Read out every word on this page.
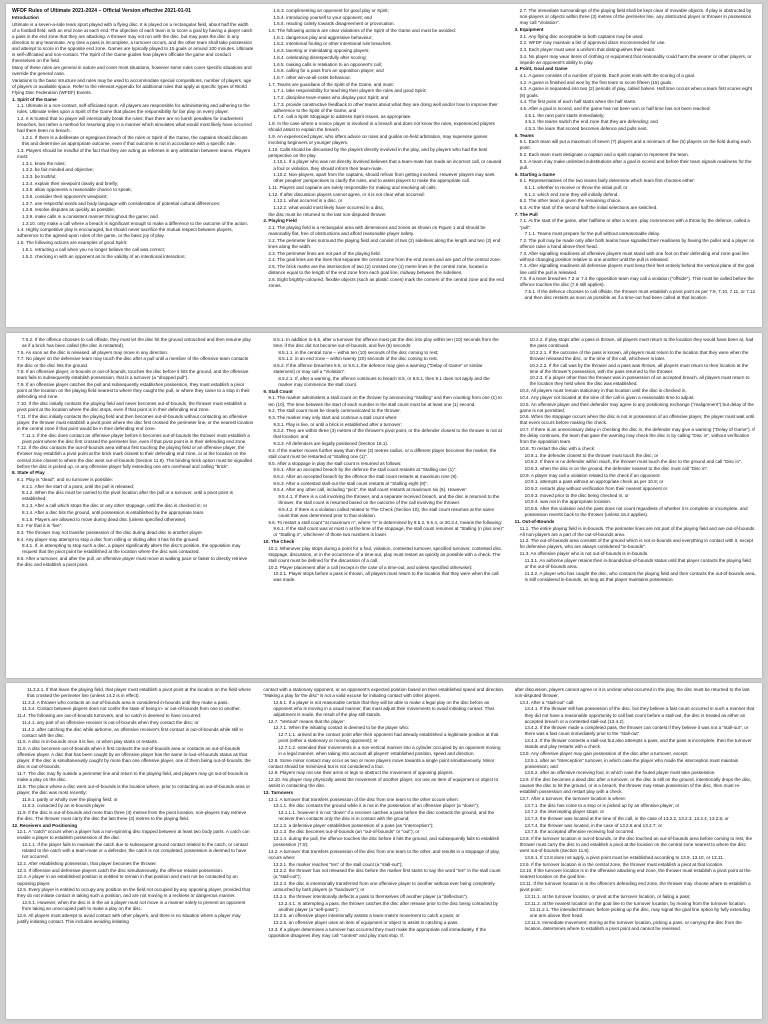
WFDF Rules of Ultimate 2021-2024 – Official Version effective 2021-01-01

Introduction

Ultimate is a seven-a-side team sport played with a flying disc. It is played on a rectangular field, about half the width of a football field, with an end zone at each end. The objective of each team is to score a goal by having a player catch a pass in the end zone that they are attacking. A thrower may not run with the disc, but may pass the disc in any direction to any teammate. Any time a pass is incomplete, a turnover occurs, and the other team shall take possession and attempt to score in the opposite end zone. Games are typically played to 15 goals or around 100 minutes. Ultimate is self-officiated and non-contact. The Spirit of the Game guides how players officiate the game and conduct themselves on the field.

Many of these rules are general in nature and cover most situations, however some rules cover specific situations and override the general case.

Variations to the basic structure and rules may be used to accommodate special competitions, number of players, age of players or available space. Refer to the relevant Appendix for additional rules that apply at specific types of World Flying Disc Federation (WFDF) Events.

1. Spirit of the Game

1.1. Ultimate is a non-contact, self-officiated sport. All players are responsible for administering and adhering to the rules. Ultimate relies upon a Spirit of the Game that places the responsibility for fair play on every player.

1.2. It is trusted that no player will intentionally break the rules; thus there are no harsh penalties for inadvertent breaches, but rather a method for resuming play in a manner which simulates what would most likely have occurred had there been no breach.

1.2.1. If there is a deliberate or egregious breach of the rules or Spirit of the Game, the captains should discuss this and determine an appropriate outcome, even if that outcome is not in accordance with a specific rule.

1.3. Players should be mindful of the fact that they are acting as referees in any arbitration between teams. Players must:

1.3.1. know the rules;

1.3.2. be fair-minded and objective;

1.3.3. be truthful;

1.3.4. explain their viewpoint clearly and briefly;

1.3.5. allow opponents a reasonable chance to speak;

1.3.6. consider their opponent's viewpoint;

1.3.7. use respectful words and body language with consideration of potential cultural differences;

1.3.8. resolve disputes as quickly as possible;

1.3.9. make calls in a consistent manner throughout the game; and

1.3.10. only make a call where a breach is significant enough to make a difference to the outcome of the action.

1.4. Highly competitive play is encouraged, but should never sacrifice the mutual respect between players, adherence to the agreed-upon rules of the game, or the basic joy of play.

1.5. The following actions are examples of good Spirit:

1.5.1. retracting a call when you no longer believe the call was correct;

1.5.2. checking in with an opponent as to the validity of an intentional interaction;

1.5.3. complimenting an opponent for good play or Spirit;

1.5.4. introducing yourself to your opponent; and

1.5.5. reacting calmly towards disagreement or provocation.

1.6. The following actions are clear violations of the Spirit of the Game and must be avoided:

1.6.1. dangerous play and aggressive behaviour;

1.6.2. intentional fouling or other intentional rule breaches;

1.6.3. taunting or intimidating opposing players;

1.6.4. celebrating disrespectfully after scoring;

1.6.5. making calls in retaliation to an opponent's call;

1.6.6. calling for a pass from an opposition player; and

1.6.7. other win-at-all-costs behaviour.

1.7. Teams are guardians of the Spirit of the Game, and must:

1.7.1. take responsibility for teaching their players the rules and good Spirit;

1.7.2. discipline team-mates who display poor Spirit; and

1.7.3. provide constructive feedback to other teams about what they are doing well and/or how to improve their adherence to the Spirit of the Game; and

1.7.4. call a Spirit Stoppage to address Spirit issues, as appropriate.

1.8. In the case where a novice player is involved in a breach and does not know the rules, experienced players should assist to explain the breach.

1.9. An experienced player, who offers advice on rules and guides on-field arbitration, may supervise games involving beginners or younger players.

1.10. Calls should be discussed by the players directly involved in the play, and by players who had the best perspective on the play.

1.10.1. If a player who was not directly involved believes that a team-mate has made an incorrect call, or caused a foul or violation, they should inform their team-mate.

1.10.2. Non-players, apart from the captains, should refrain from getting involved. However players may seek other peoples' perspectives to clarify the rules, and to assist players to make the appropriate call.

1.11. Players and captains are solely responsible for making and resolving all calls.

1.12. If after discussion players cannot agree, or it is not clear what occurred:

1.12.1. what occurred in a disc, or

1.12.2. what would most likely have occurred in a disc,

the disc must be returned to the last non-disputed thrower.

2. Playing Field

2.1. The playing field is a rectangular area with dimensions and zones as shown on Figure 1 and should be reasonably flat, free of obstructions and afford reasonable player safety.

2.2. The perimeter lines surround the playing field and consist of two (2) sidelines along the length and two (2) end lines along the width.

2.3. The perimeter lines are not part of the playing field.

2.4. The goal lines are the lines that separate the central zone from the end zones and are part of the central zone.

2.5. The brick marks are the intersection of two (2) crossed one (1) metre lines in the central zone, located a distance equal to the length of the end zone from each goal line, midway between the sidelines.

2.6. Eight brightly-coloured, flexible objects (such as plastic cones) mark the corners of the central zone and the end zones.

2.7. The immediate surroundings of the playing field shall be kept clear of movable objects. If play is obstructed by non-players or objects within three (3) metres of the perimeter line, any obstructed player or thrower in possession may call "Violation".

3. Equipment

3.1. Any flying disc acceptable to both captains may be used.

3.2. WFDF may maintain a list of approved discs recommended for use.

3.3. Each player must wear a uniform that distinguishes their team.

3.4. No player may wear items of clothing or equipment that reasonably could harm the wearer or other players, or impede an opponent's ability to play.

4. Point, Goal and Game

4.1. A game consists of a number of points. Each point ends with the scoring of a goal.

4.2. A game is finished and won by the first team to score fifteen (15) goals.

4.3. A game is separated into two (2) periods of play, called halves. Half time occurs when a team first scores eight (8) goals.

4.4. The first point of each half starts when the half starts.

4.5. After a goal is scored, and the game has not been won or half time has not been reached:

4.5.1. the next point starts immediately;

4.5.2. the teams switch the end zone that they are defending; and

4.5.3. the team that scored becomes defence and pulls next.

5. Teams

5.1. Each team will put a maximum of seven (7) players and a minimum of five (5) players on the field during each point.

5.2. Each team must designate a captain and a spirit captain to represent the team.

5.3. A team may make unlimited substitutions after a goal is scored and before their team signals readiness for the pull.

6. Starting a Game

6.1. Representatives of the two teams fairly determine which team first chooses either:

6.1.1. whether to receive or throw the initial pull; or

6.1.2. which end zone they will initially defend.

6.2. The other team is given the remaining choice.

6.3. At the start of the second half the initial selections are switched.

7. The Pull

7.1. At the start of the game, after halftime or after a score, play commences with a throw by the defence, called a "pull".

7.1.1. Teams must prepare for the pull without unreasonable delay.

7.2. The pull may be made only after both teams have signalled their readiness by having the puller and a player on offence raise a hand above their head.

7.3. After signalling readiness all offensive players must stand with one foot on their defending end zone goal line without changing position relative to one another until the pull is released.

7.4. After signalling readiness all defensive players must keep their feet entirely behind the vertical plane of the goal line until the pull is released.

7.5. If a team breaches 7.3 or 7.4 the opposition team may call a violation ("offside"). This must be called before the offence touches the disc (7.6 still applies).

7.5.1. If the defence chooses to call offside, the thrower must establish a pivot point as per 7.9, 7.10, 7.11, or 7.12 and then disc restarts as soon as possible as if a time-out had been called at that location.

7.5.2. If the offence chooses to call offside, they must let the disc hit the ground untouched and then resume play as if a brick has been called (the disc is restarted).

7.6. As soon as the disc is released, all players may move in any direction.

7.7. No player on the defensive team may touch the disc after a pull until a member of the offensive team contacts the disc or the disc hits the ground.

7.8. If an offensive player, in-bounds or out-of-bounds, touches the disc before it hits the ground, and the offensive team fails to subsequently establish possession, that is a turnover (a "dropped pull").

7.9. If an offensive player catches the pull and subsequently establishes possession, they must establish a pivot point at the location on the playing field nearest to where they caught the pull, or where they came to a stop in their defending end zone.

7.10. If the disc initially contacts the playing field and never becomes out-of-bounds, the thrower must establish a pivot point at the location where the disc stops, even if that point is in their defending end zone.

7.11. If the disc initially contacts the playing field and then becomes out-of-bounds without contacting an offensive player, the thrower must establish a pivot point where the disc first crossed the perimeter line, or the nearest location in the central zone if that point would be in their defending end zone.

7.11.1. If the disc does contact an offensive player before it becomes out-of-bounds the thrower must establish a pivot point where the disc first crossed the perimeter line, even if that pivot point is in their defending end zone.

7.12. If the disc contacts the out-of-bounds area without first touching the playing field or an offensive player, the thrower may establish a pivot point at the brick mark closest to their defending end zone, or at the location on the central zone closest to where the disc went out-of-bounds (Section 11.8). The binding brick option must be signalled before the disc is picked up, or any offensive player fully extending one arm overhead and calling "brick".

8. State of Play

8.1. Play is "dead", and no turnover is possible:

8.1.1. After the start of a point, until the pull is released;

8.1.2. When the disc must be carried to the pivot location after the pull or a turnover, until a pivot point is established;

8.1.3. After a call which stops the disc or any other stoppage, until the disc is checked in; or

8.1.4. After a disc hits the ground, until possession is established by the appropriate team.

8.1.5. Players are allowed to move during dead disc (unless specified otherwise).

8.2. For that it is "live".

8.3. The thrower may not transfer possession of the disc during dead disc to another player.

8.4. Any player may attempt to stop a disc from rolling or sliding after it has hit the ground.

8.4.1. If, in attempting to stop such a disc, a player significantly alters the disc's position, the opposition may request that the pivot point be established at the location where the disc was contacted.

8.5. After a turnover, and after the pull, an offensive player must move at walking pace or faster to directly retrieve the disc and establish a pivot point.

8.5.1. In addition to 8.5, after a turnover the offence must put the disc into play within ten (10) seconds from the time, if the disc did not become out-of-bounds, and five (5) seconds:

8.5.1.1. in the central zone – within ten (10) seconds of the disc coming to rest;

8.5.1.2. in an end zone – within twenty (20) seconds of the disc coming to rest.

8.5.2. If the offence breaches 8.5, or 8.5.1, the defence may give a warning ("Delay of Game" or similar statement) or may call a "Violation".

8.5.2.1. If, after a warning, the offence continues to breach 8.5, or 8.5.1, then 9.1 does not apply and the marker may commence the stall count.

9. Stall Count

9.1. The marker administers a stall count on the thrower by announcing "Stalling" and then counting from one (1) to ten (10). The time between the start of each number in the stall count must be at least one (1) second.

9.2. The stall count must be clearly communicated to the thrower.

9.3. The marker may only start and continue a stall count when:

9.3.1. Play is live, or until a brick is established after a turnover;

9.3.2. They are within three (3) metres of the thrower's pivot point, or the defender closest to the thrower is not at that location; and

9.3.3. All defenders are legally positioned (Section 18.1).

9.4. If the marker moves further away than three (3) metres radius, or a different player becomes the marker, the stall count must be restarted at "Stalling one (1)".

9.5. After a stoppage in play the stall count is resumed as follows:

9.5.1. After an accepted breach by the defence the stall count restarts at "Stalling one (1)".

9.5.2. After an accepted breach by the offence the stall count restarts at maximum nine (9).

9.5.3. After a contested stall-out the stall count restarts at "Stalling eight (8)".

9.5.4. After any other call, including "pick", the stall count restarts at maximum six (6). However:

9.5.4.1. If there is a call involving the thrower, and a separate received breach, and the disc is returned to the thrower, the stall count is resumed based on the outcome of the call involving the thrower.

9.5.4.2. If there is a violation called related to The Check (Section 10), the stall count resumes at the same count that was determined prior to that violation.

9.6. To restart a stall count "at maximum n", where "n" is determined by 9.5.2, 9.5.4, or 20.3.4, means the following:

9.6.1. If the stall count was at most n at the time of the stoppage, the stall count resumes at "Stalling (n plus one)" or "Stalling n", whichever of those two numbers is lower.

10. The Check

10.1. Whenever play stops during a point for a foul, violation, contested turnover, specified turnover, contested disc, stoppage, discussion, or in the occurrence of a time-out, play must restart as quickly as possible with a check. The stall count must be defined for the discussion of a call.

10.2. Player placement after a call (except in the case of a time-out, and unless specified otherwise):

10.2.1. Player stops before a pass is thrown, all players must return to the location that they were when the call was made.

10.2.2. If play stops after a pass is thrown, all players must return to the location they would have been at, had the pass continued.

10.2.2.1. If the outcome of the pass is known, all players must return to the location that they were when the thrower released the disc, or the time of the call, whichever is later.

10.2.2.2. If the call was by the thrower and a pass was thrown, all players must return to their location at the time of the thrower's possession, with the pass returned to the thrower.

10.2.3. If a player other than the thrower was in possession of an accepted breach, all players must return to the location they held when the disc was established.

10.3. All players must remain stationary in that location until the disc is checked in.

10.4. Any player not located at the time of the call is given a reasonable time to adjust.

10.5. An offensive player and their defender may agree to any positioning exchange ("realignment") but delay of the game is not permitted.

10.6. When the stoppage occurs when the disc is not in possession of an offensive player, the player must wait until that event occurs before making the check.

10.7. If there is an unnecessary delay in checking the disc in, the defender may give a warning ("Delay of Game"). If the delay continues, the team that gave the warning may check the disc in by calling "Disc in", without verification from the opposition team.

10.8. To restart the disc with a check:

10.8.1. the defender closest to the thrower must touch the disc; or

10.8.2. If there is no defender within reach, the thrower must touch the disc to the ground and call "Disc in".

10.8.3. when the disc is on the ground, the defender nearest to the disc must call "Disc in".

10.9. A player may call a violation related to the check if an opponent:

10.9.1. attempts a pass without an appropriate check as per 10.8; or

10.9.2. restarts play without verification from their nearest opponent or

10.9.3. moved prior to the disc being checked in; or

10.9.4. was not in the appropriate location.

10.9.5. After this violation and the pass does not count regardless of whether it is complete or incomplete, and possession reverts back to the thrower (unless 18.2 applies).

11. Out-of-Bounds

11.1. The entire playing field is in-bounds. The perimeter lines are not part of the playing field and are out-of-bounds. All non-players are a part of the out-of-bounds area.

11.2. The out-of-bounds area consists of the ground which is not in-bounds and everything in contact with it, except for defensive players, who are always considered "in-bounds".

11.3. An offensive player who is not out-of-bounds is in-bounds.

11.3.1. An airborne player retains their in-bounds/out-of-bounds status until that player contacts the playing field or the out-of-bounds area.

11.3.2. A player who has caught the disc, who contacts the playing field and then contacts the out-of-bounds area, is still considered in-bounds, as long as that player maintains possession.

11.3.2.1. If that leave the playing field, that player must establish a pivot point at the location on the field where that crossed the perimeter line (unless 14.2 is in effect).

11.3.3. A thrower who contacts an out-of-bounds area is considered in-bounds until they make a pass.

11.3.4. Contact between players does not confer the state of being in- or out-of-bounds from one to another.

11.4. The following are out-of-bounds turnovers, and no catch is deemed to have occurred:

11.4.1. any part of an offensive receiver is out-of-bounds when they contact the disc; or

11.4.2. after catching the disc while airborne, an offensive receiver's first contact is out-of-bounds while still in contact with the disc.

11.5. A disc is in-bounds once it is live, or when play starts or restarts.

11.6. A disc becomes out-of-bounds when it first contacts the out-of-bounds area or contacts an out-of-bounds offensive player. A disc that has been caught by an offensive player has the same in-/out-of-bounds status as that player. If the disc is simultaneously caught by more than one offensive player, one of them being out-of-bounds, the disc is out-of-bounds.

11.7. The disc may fly outside a perimeter line and return to the playing field, and players may go out-of-bounds to make a play on the disc.

11.8. The place where a disc went out-of-bounds is the location where, prior to contacting an out-of-bounds area or player, the disc was most recently:

11.8.1. partly or wholly over the playing field; or

11.8.2. contacted by an in-bounds player.

11.9. If the disc is out-of-bounds and more than three (3) metres from the pivot location, non-players may retrieve the disc. The thrower must carry the disc the last three (3) metres to the playing field.

12. Receivers and Positioning

12.1. A "catch" occurs when a player has a non-spinning disc trapped between at least two body parts. A catch can enable a player to establish possession of the disc.

12.1.1. If the player fails to maintain the catch due to subsequent ground contact related to the catch, or contact related to the catch with a team-mate or a defender, the catch is not completed, possession is deemed to have not occurred.

12.2. After establishing possession, that player becomes the thrower.

12.3. If offensive and defensive players catch the disc simultaneously, the offence retains possession.

12.4. A player in an established position is entitled to remain in that position and must not be contacted by an opposing player.

12.5. Every player is entitled to occupy any position on the field not occupied by any opposing player, provided that they do not initiate contact in taking such a position, and are not moving in a reckless or dangerous manner.

12.5.1. However, when the disc is in the air a player must not move in a manner solely to prevent an opponent from taking an unoccupied path to make a play on the disc.

12.6. All players must attempt to avoid contact with other players, and there is no situation where a player may justify initiating contact. This includes avoiding initiating

contact with a stationary opponent, or an opponent's expected position based on their established speed and direction. "Making a play for the disc" is not a valid excuse for initiating contact with other players.

12.6.1. If a player is not reasonable certain that they will be able to make a legal play on the disc before an opponent who is moving in a usual manner, that must adjust their movements to avoid initiating contact. That adjustment is made, the result of the play still stands.

12.7. "Vertical" means that the player:

12.7.1. When the initiating contact is deemed to be the player who:

12.7.1.1. arrived at the contact point after their opponent had already established a legitimate position at that point (either a stationary or moving opponent); or

12.7.1.2. extended their movements in a non-vertical manner into a cylinder occupied by an opponent moving in a legal manner, when taking into account all players' established position, speed and direction.

12.8. Some minor contact may occur as two or more players move towards a single point simultaneously. Minor contact should be minimized but is not considered a foul.

12.9. Players may not use their arms or legs to obstruct the movement of opposing players.

12.10. No player may physically assist the movement of another player, nor use an item of equipment or object to assist in contacting the disc.

13. Turnovers

13.1. A turnover that transfers possession of the disc from one team to the other occurs when:

13.1.1. the disc contacts the ground while it is not in the possession of an offensive player (a "down");

13.1.1.1. however it is not "down" if a receiver catches a pass before the disc contacts the ground, and the receiver then contacts only the disc is in contact with the ground;

13.1.2. a defensive player establishes possession of a pass (an "interception");

13.1.3. the disc becomes out-of-bounds (an "out-of-bounds" or "out"); or

13.1.4. during the pull, the offence touches the disc before it hits the ground, and subsequently fails to establish possession (7.8);

13.2. A turnover that transfers possession of the disc from one team to the other, and results in a stoppage of play, occurs when:

13.2.1. the marker reaches "ten" of the stall count (a "stall-out");

13.2.2. the thrower has not released the disc before the marker first starts to say the word "ten" in the stall count (a "stall-out");

13.2.3. the disc is intentionally transferred from one offensive player to another without ever being completely untouched by both players (a "handover"); or

13.2.4. the thrower intentionally deflects a pass to themselves off another player (a "deflection").

13.2.4.1. In attempting a pass, the thrower catches the disc after release prior to the disc being contacted by another player (a "self-pass");

13.2.5. an offensive player intentionally assists a team-mate's movement to catch a pass; or

13.2.6. an offensive player uses an item of equipment or object to assist in catching a pass.

13.3. If a player determines a turnover has occurred they must make the appropriate call immediately. If the opposition disagrees they may call "contest" and play must stop. If,

after discussion, players cannot agree or it is unclear what occurred in the play, the disc must be returned to the last non-disputed thrower.

13.4. After a "stall-out" call:

13.4.1. If the thrower still has possession of the disc, but they believe a fast count occurred in such a manner that they did not have a reasonable opportunity to call fast count before a stall-out, the disc is treated as either an accepted breach or a contested stall-out (13.4.2).

13.4.2. If the thrower made a completed pass, the thrower can contest if they believe it was not a "stall-out", or there was a fast count immediately prior to the "stall-out".

13.4.3. If the thrower contests a stall-out but also attempts a pass, and the pass is incomplete, then the turnover stands and play restarts with a check.

13.5. Any offensive player may gain possession of the disc after a turnover, except:

13.5.1. after an "interception" turnover, in which case the player who made the interception must maintain possession; and

13.5.2. after an offensive receiving foul, in which case the fouled player must take possession.

13.6. If the disc becomes a dead disc after a turnover, or the disc is still on the ground, intentionally drops the disc, causes the disc to hit the ground, or is a breach, the thrower may retain possession of the disc, then must re-establish possession and restart play with a check.

13.7. After a turnover, the turnover location is where:

13.7.1. the disc has come to a stop or is picked up by an offensive player; or

13.7.2. the intercepting player stops; or

13.7.3. the thrower was located at the time of the call, in the case of 13.2.2, 13.2.3, 13.2.4, 13.2.5; or

13.7.4. the thrower was located, in the case of 13.2.6 and 13.2.7; or

13.7.5. the accepted offensive receiving foul occurred.

13.8. If the turnover location is out-of-bounds, or the disc touched an out-of-bounds area before coming to rest, the thrower must carry the disc to and establish a pivot at the location on the central zone nearest to where the disc went out-of-bounds (Section 11.8).

13.8.1. If 13.8 does not apply, a pivot point must be established according to 13.9, 13.10, or 13.11.

13.9. If the turnover location is in the central zone, the thrower must establish a pivot at that location.

13.10. If the turnover location is in the offensive attacking end zone, the thrower must establish a pivot point at the nearest location on the goal line.

13.11. If the turnover location is in the offence's defending end zone, the thrower may choose where to establish a pivot point:

13.11.1. at the turnover location, or pivot at the turnover location, or failing a pass;

13.11.2. at the nearest location on the goal line to the turnover location, by moving from the turnover location.

13.11.2.1. The intended thrower, before picking up the disc, may signal the goal line option by fully extending one arm above their head.

13.11.3. Immediate movement; storing at the turnover location, picking a pass, or carrying the disc from the location, determines where to establish a pivot point and cannot be reversed.
